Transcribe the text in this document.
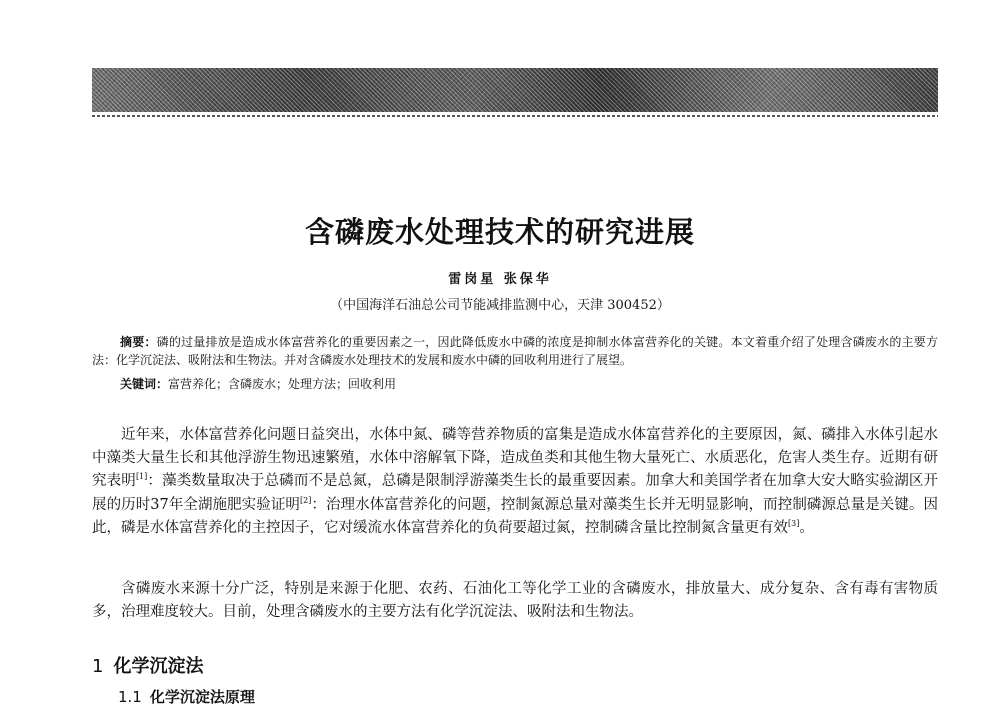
含磷废水处理技术的研究进展
雷岗星 张保华
（中国海洋石油总公司节能减排监测中心，天津 300452）
摘要：磷的过量排放是造成水体富营养化的重要因素之一，因此降低废水中磷的浓度是抑制水体富营养化的关键。本文着重介绍了处理含磷废水的主要方法：化学沉淀法、吸附法和生物法。并对含磷废水处理技术的发展和废水中磷的回收利用进行了展望。
关键词：富营养化；含磷废水；处理方法；回收利用
近年来，水体富营养化问题日益突出，水体中氮、磷等营养物质的富集是造成水体富营养化的主要原因，氮、磷排入水体引起水中藻类大量生长和其他浮游生物迅速繁殖，水体中溶解氧下降，造成鱼类和其他生物大量死亡、水质恶化，危害人类生存。近期有研究表明[1]：藻类数量取决于总磷而不是总氮，总磷是限制浮游藻类生长的最重要因素。加拿大和美国学者在加拿大安大略实验湖区开展的历时37年全湖施肥实验证明[2]：治理水体富营养化的问题，控制氮源总量对藻类生长并无明显影响，而控制磷源总量是关键。因此，磷是水体富营养化的主控因子，它对缓流水体富营养化的负荷要超过氮，控制磷含量比控制氮含量更有效[3]。
含磷废水来源十分广泛，特别是来源于化肥、农药、石油化工等化学工业的含磷废水，排放量大、成分复杂、含有毒有害物质多，治理难度较大。目前，处理含磷废水的主要方法有化学沉淀法、吸附法和生物法。
1 化学沉淀法
1.1 化学沉淀法原理
